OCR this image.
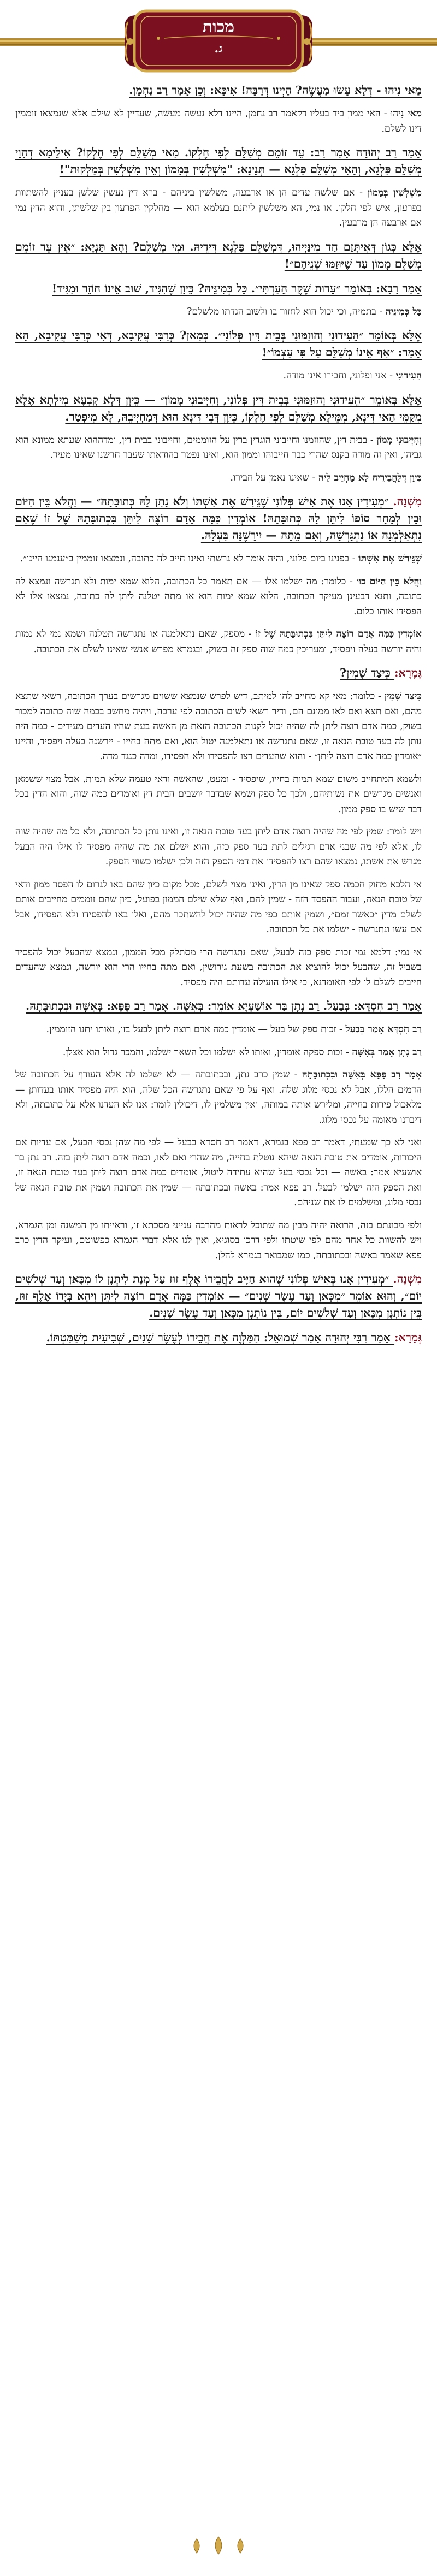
מכות
ג.

מַאי נִיהוּ - דְּלָא עָשׂוּ מַעֲשֶׂה? הַיְינוּ דְּרַבָּה! אִיכָּא: וְכֵן אָמַר רַב נַחְמָן.

מַאי נִיהוּ - האי ממון ביד בעליו דקאמר רב נחמן, היינו דלא נעשה מעשה, שעדיין לא שילם אלא שנמצאו זוממין דינו לשלם.

אָמַר רַב יְהוּדָה אָמַר רַב: עֵד זוֹמֵם מְשַׁלֵּם לְפִי חֶלְקוֹ. מַאי מְשַׁלֵּם לְפִי חֶלְקוֹ? אִילֵימָא דְהָוֵי מְשַׁלֵּם פַּלְגָא, וְהָאִי מְשַׁלֵּם פַּלְגָא — תְּנֵינָא: "מִשְׁלְשִׁין בְּמָמוֹן וְאֵין מִשְׁלְשִׁין בְּמַלְקוּת"!

מִשְׁלְשִׁין בְּמָמוֹן - אם שלשה עדים הן או ארבעה, משלשין ביניהם - ברא דין נעשין שלשן בעניין להשתוות בפרעון, איש לפי חלקו. או נמי, הא משלשין ליתנם בעלמא הוא — מחלקין הפרעון בין שלשתן, והוא הדין נמי אם ארבעה הן מרבעין.

אֶלָּא כְּגוֹן דְּאִיתְּזַם חַד מִינַּיְיהוּ, דִּמְשַׁלֵּם פַּלְגָא דִּידֵיהּ. וּמִי מְשַׁלֵּם? וְהָא תַּנְיָא: ״אֵין עֵד זוֹמֵם מְשַׁלֵּם מָמוֹן עַד שֶׁיּוּזַמּוּ שְׁנֵיהֶם״!

אָמַר רָבָא: בְּאוֹמֵר ״עֵדוּת שֶׁקֶר הֵעַדְתִּי״. כָּל כְּמִינֵּיהּ? כֵּיוָן שֶׁהִגִּיד, שׁוּב אֵינוֹ חוֹזֵר וּמַגִּיד!

כָּל כְּמִינֵּיהּ - בתמיה, וכי יכול הוא לחזור בו ולשוב הגדתו מלשלם?

אֶלָּא בְּאוֹמֵר ״הֵעִידוּנִי וְהוּזַמּוּנִי בְּבֵית דִּין פְּלוֹנִי״. כְּמַאן? כְּרַבִּי עֲקִיבָא, דְּאִי כְּרַבִּי עֲקִיבָא, הָא אָמַר: ״אַף אֵינוֹ מְשַׁלֵּם עַל פִּי עַצְמוֹ״!

הֵעִידוּנִי - אני ופלוני, וחבירו אינו מודה.

אֶלָּא בְּאוֹמֵר ״הֵעִידוּנִי וְהוּזַמּוּנִי בְּבֵית דִּין פְּלוֹנִי, וְחִיְּיבוּנִי מָמוֹן״ — כֵּיוָן דְּלָא קְבִעָא מִילְּתָא אֶלָּא מִקַּמֵּי הַאי דִּינָא, מִמֵּילָא מְשַׁלֵּם לְפִי חֶלְקוֹ, כֵּיוָן דְּבֵי דִּינָא הוּא דְּמַחְיְיבֵהּ, לָא מִיפְטַר.

וְחִיְּיבוּנִי מָמוֹן - בבית דין, שהוזמנו וחייבוני הוגדין ברין על הזוממים, וחייבוני בבית דין, ומדההוא שעתא ממונא הוא גביהו, ואין זה מודה בקנס שהרי כבר חייבוהו וממון הוא, ואינו נפטר בהודאתו שעבר חרשנו שאינו מעיד.

כֵּיוָן דְּלַחֲבֵירֵיהּ לָא מַחְיֵיב לֵיהּ - שאינו נאמן על חבירו.

מִשְׁנָה. ״מְעִידִין אָנוּ אֶת אִישׁ פְּלוֹנִי שֶׁגֵּירַשׁ אֶת אִשְׁתּוֹ וְלֹא נָתַן לָהּ כְּתוּבָּתָהּ״ — וַהֲלֹא בֵּין הַיּוֹם וּבֵין לְמָחָר סוֹפוֹ לִיתֵּן לָהּ כְּתוּבָּתָהּ! אוֹמְדִין כַּמָּה אָדָם רוֹצֶה לִיתֵּן בִּכְתוּבָּתָהּ שֶׁל זוֹ שֶׁאִם נִתְאַלְמְנָה אוֹ נִתְגָּרְשָׁה, וְאִם מֵתָה — יִירָשֶׁנָּה בַּעְלָהּ.

שֶׁגֵּירַשׁ אֶת אִשְׁתּוֹ - בפנינו ביום פלוני, והיה אומר לא גרשתי ואינו חייב לה כתובה, ונמצאו זוממין ב״ענמנו היינו״.

וַהֲלֹא בֵּין הַיּוֹם כוּ׳ - כלומר: מה ישלמו אלו — אם תאמר כל הכתובה, הלוא שמא ימות ולא תגרשה ונמצא לה כתובה, ותנא דבעינן מעיקר הכתובה, הלוא שמא ימות הוא או מתה יטלנה ליתן לה כתובה, נמצאו אלו לא הפסידו אותו כלום.

אוֹמְדִין כַּמָּה אָדָם רוֹצֶה לִיתֵּן בִּכְתוּבָּתָהּ שֶׁל זוֹ - מספק, שאם נתאלמנה או נתגרשה תטלנה ושמא נמי לא נמות והיה יורשה בעלה ויפסיד, ומעריכין כמה שוה ספק זה בשוק, ובגמרא מפרש אנשי שאינו לשלם את הכתובה.

גְּמָרָא: כֵּיצַד שָׁמִין?

כֵּיצַד שָׁמִין - כלומר: מאי קא מחייב להו למיתב, דיש לפרש שנמצא ששוים מגרשים בערך הכתובה, רשאי שתצא מהם, ואם תצא ואם לאו ממונם הם, ודיר רשאי לשום הכתובה לפי ערכה, ויהיה מחשב בכמה שוה כתובה למכור בשוק, כמה אדם רוצה ליתן לה שהיה יכול לקנות הכתובה הזאת מן האשה בעת שהיו העדים מעידים - כמה היה נותן לה בעד טובת הנאה זו, שאם נתגרשה או נתאלמנה יטול הוא, ואם מתה בחייו - יירשנה בעלה ויפסיד, והיינו ״אומדין כמה אדם רוצה ליתן״ - והוא שהעדים רצו להפסידו ולא הפסידו, ומדה כנגד מדה.

ולשמא המתחייב משום שמא תמות בחייו, שיפסיד - ומעט, שהאשה ודאי טעמה שלא תמות. אבל מצוי ששמאן ואנשים מגרשים את נשותיהם, ולכך כל ספק ושמא שבדבר יושבים הבית דין ואומדים כמה שוה, והוא הדין בכל דבר שיש בו ספק ממון.

ויש לומר: שמין לפי מה שהיה רוצה אדם ליתן בעד טובת הנאה זו, ואינו נותן כל הכתובה, ולא כל מה שהיה שוה לו, אלא לפי מה שבני אדם רגילים לתת בעד ספק כזה, והוא ישלם את מה שהיה מפסיד לו אילו היה הבעל מגרש את אשתו, נמצאו שהם רצו להפסידו את דמי הספק הזה ולכן ישלמו כשווי הספק.

אי הלכא מחוק חכמה ספק שאינו מן הדין, ואינו מצוי לשלם, מכל מקום כיון שהם באו לגרום לו הפסד ממון ודאי של טובת הנאה, ועבור ההפסד הזה - שמין להם, ואף שלא שילם הממון בפועל, כיון שהם זוממים מחייבים אותם לשלם מדין ״כאשר זמם״, ושמין אותם כפי מה שהיה יכול להשתכר מהם, ואלו באו להפסידו ולא הפסידו, אבל אם עשו ונתגרשה - ישלמו את כל הכתובה.

אי נמי: דלמא נמי זכות ספק כזה לבעל, שאם נתגרשה הרי מסתלק מכל הממון, ונמצא שהבעל יכול להפסיד בשביל זה, שהבעל יכול להוציא את הכתובה בשעת גירושין, ואם מתה בחייו הרי הוא יורשה, ונמצא שהעדים חייבים לשלם לו לפי האומדנא, כי אילו הועילה עדותם היה מפסיד.

אָמַר רַב חִסְדָּא: בְּבַעַל. רַב נָתָן בַּר אוֹשַׁעְיָא אוֹמֵר: בְּאִשָּׁה. אָמַר רַב פָּפָּא: בְּאִשָּׁה וּבִכְתוּבָּתָהּ.

רַב חִסְדָּא אָמַר בְּבַעַל - זכות ספק של בעל — אומדין כמה אדם רוצה ליתן לבעל בזו, ואותו יתנו הזוממין.

רַב נָתָן אָמַר בְּאִשָּׁה - זכות ספקה אומדין, ואותו לא ישלמו וכל השאר ישלמו, והמכר גדול הוא אצלן.

אָמַר רַב פָּפָּא בְּאִשָּׁה וּבִכְתוּבָּתָהּ - שמין כרב נתן, ובכתובתה — לא ישלמו לה אלא העודף על הכתובה של הדמים הללו, אבל לא נכסי מלוג שלה. ואף על פי שאם נתגרשה הכל שלה, הוא היה מפסיד אותו בעדותן — מלאכול פירות בחייה, ומלירש אותה במותה, ואין משלמין לו, דיכולין לומר: אנו לא העדנו אלא על כתובתה, ולא דיברנו מאומה על נכסי מלוג.

ואני לא כך שמעתי, דאמר רב פפא בגמרא, דאמר רב חסדא בבעל — לפי מה שהן נכסי הבעל, אם עדיות אם היכורות, אומדים את טובת הנאה שיהא נוטלת בחייה, מה שהרי ואם לאו, וכמה אדם רוצה ליתן בזה. רב נתן בר אושעיא אמר: באשה — וכל נכסי בעל שהיא עתידה ליטול, אומדים כמה אדם רוצה ליתן בעד טובת הנאה זו, ואת הספק הזה ישלמו לבעל. רב פפא אמר: באשה ובכתובתה — שמין את הכתובה ושמין את טובת הנאה של נכסי מלוג, ומשלמים לו את שניהם.

ולפי מכונתם בזה, הרואה יהיה מבין מה שתוכל לראות מהרבה ענייני מסכתא זו, וראייתו מן המשנה ומן הגמרא, ויש להשוות כל אחד מהם לפי שיטתו ולפי דרכו בסוגיא, ואין לנו אלא דברי הגמרא כפשוטם, ועיקר הדין כרב פפא שאמר באשה ובכתובתה, כמו שמבואר בגמרא להלן.

מִשְׁנָה. ״מְעִידִין אָנוּ בְּאִישׁ פְּלוֹנִי שֶׁהוּא חַיָּיב לַחֲבֵירוֹ אֶלֶף זוּז עַל מְנָת לִיתְּנָן לוֹ מִכָּאן וְעַד שְׁלֹשִׁים יוֹם״, וְהוּא אוֹמֵר ״מִכָּאן וְעַד עֶשֶׂר שָׁנִים״ — אוֹמְדִין כַּמָּה אָדָם רוֹצֶה לִיתֵּן וִיהֵא בְּיָדוֹ אֶלֶף זוּז, בֵּין נוֹתְנָן מִכָּאן וְעַד שְׁלֹשִׁים יוֹם, בֵּין נוֹתְנָן מִכָּאן וְעַד עֶשֶׂר שָׁנִים.

גְּמָרָא: אָמַר רַבִּי יְהוּדָה אָמַר שְׁמוּאֵל: הַמַּלְוֶה אֶת חֲבֵירוֹ לְעֶשֶׂר שָׁנִים, שְׁבִיעִית מְשַׁמַּטְתּוֹ.
